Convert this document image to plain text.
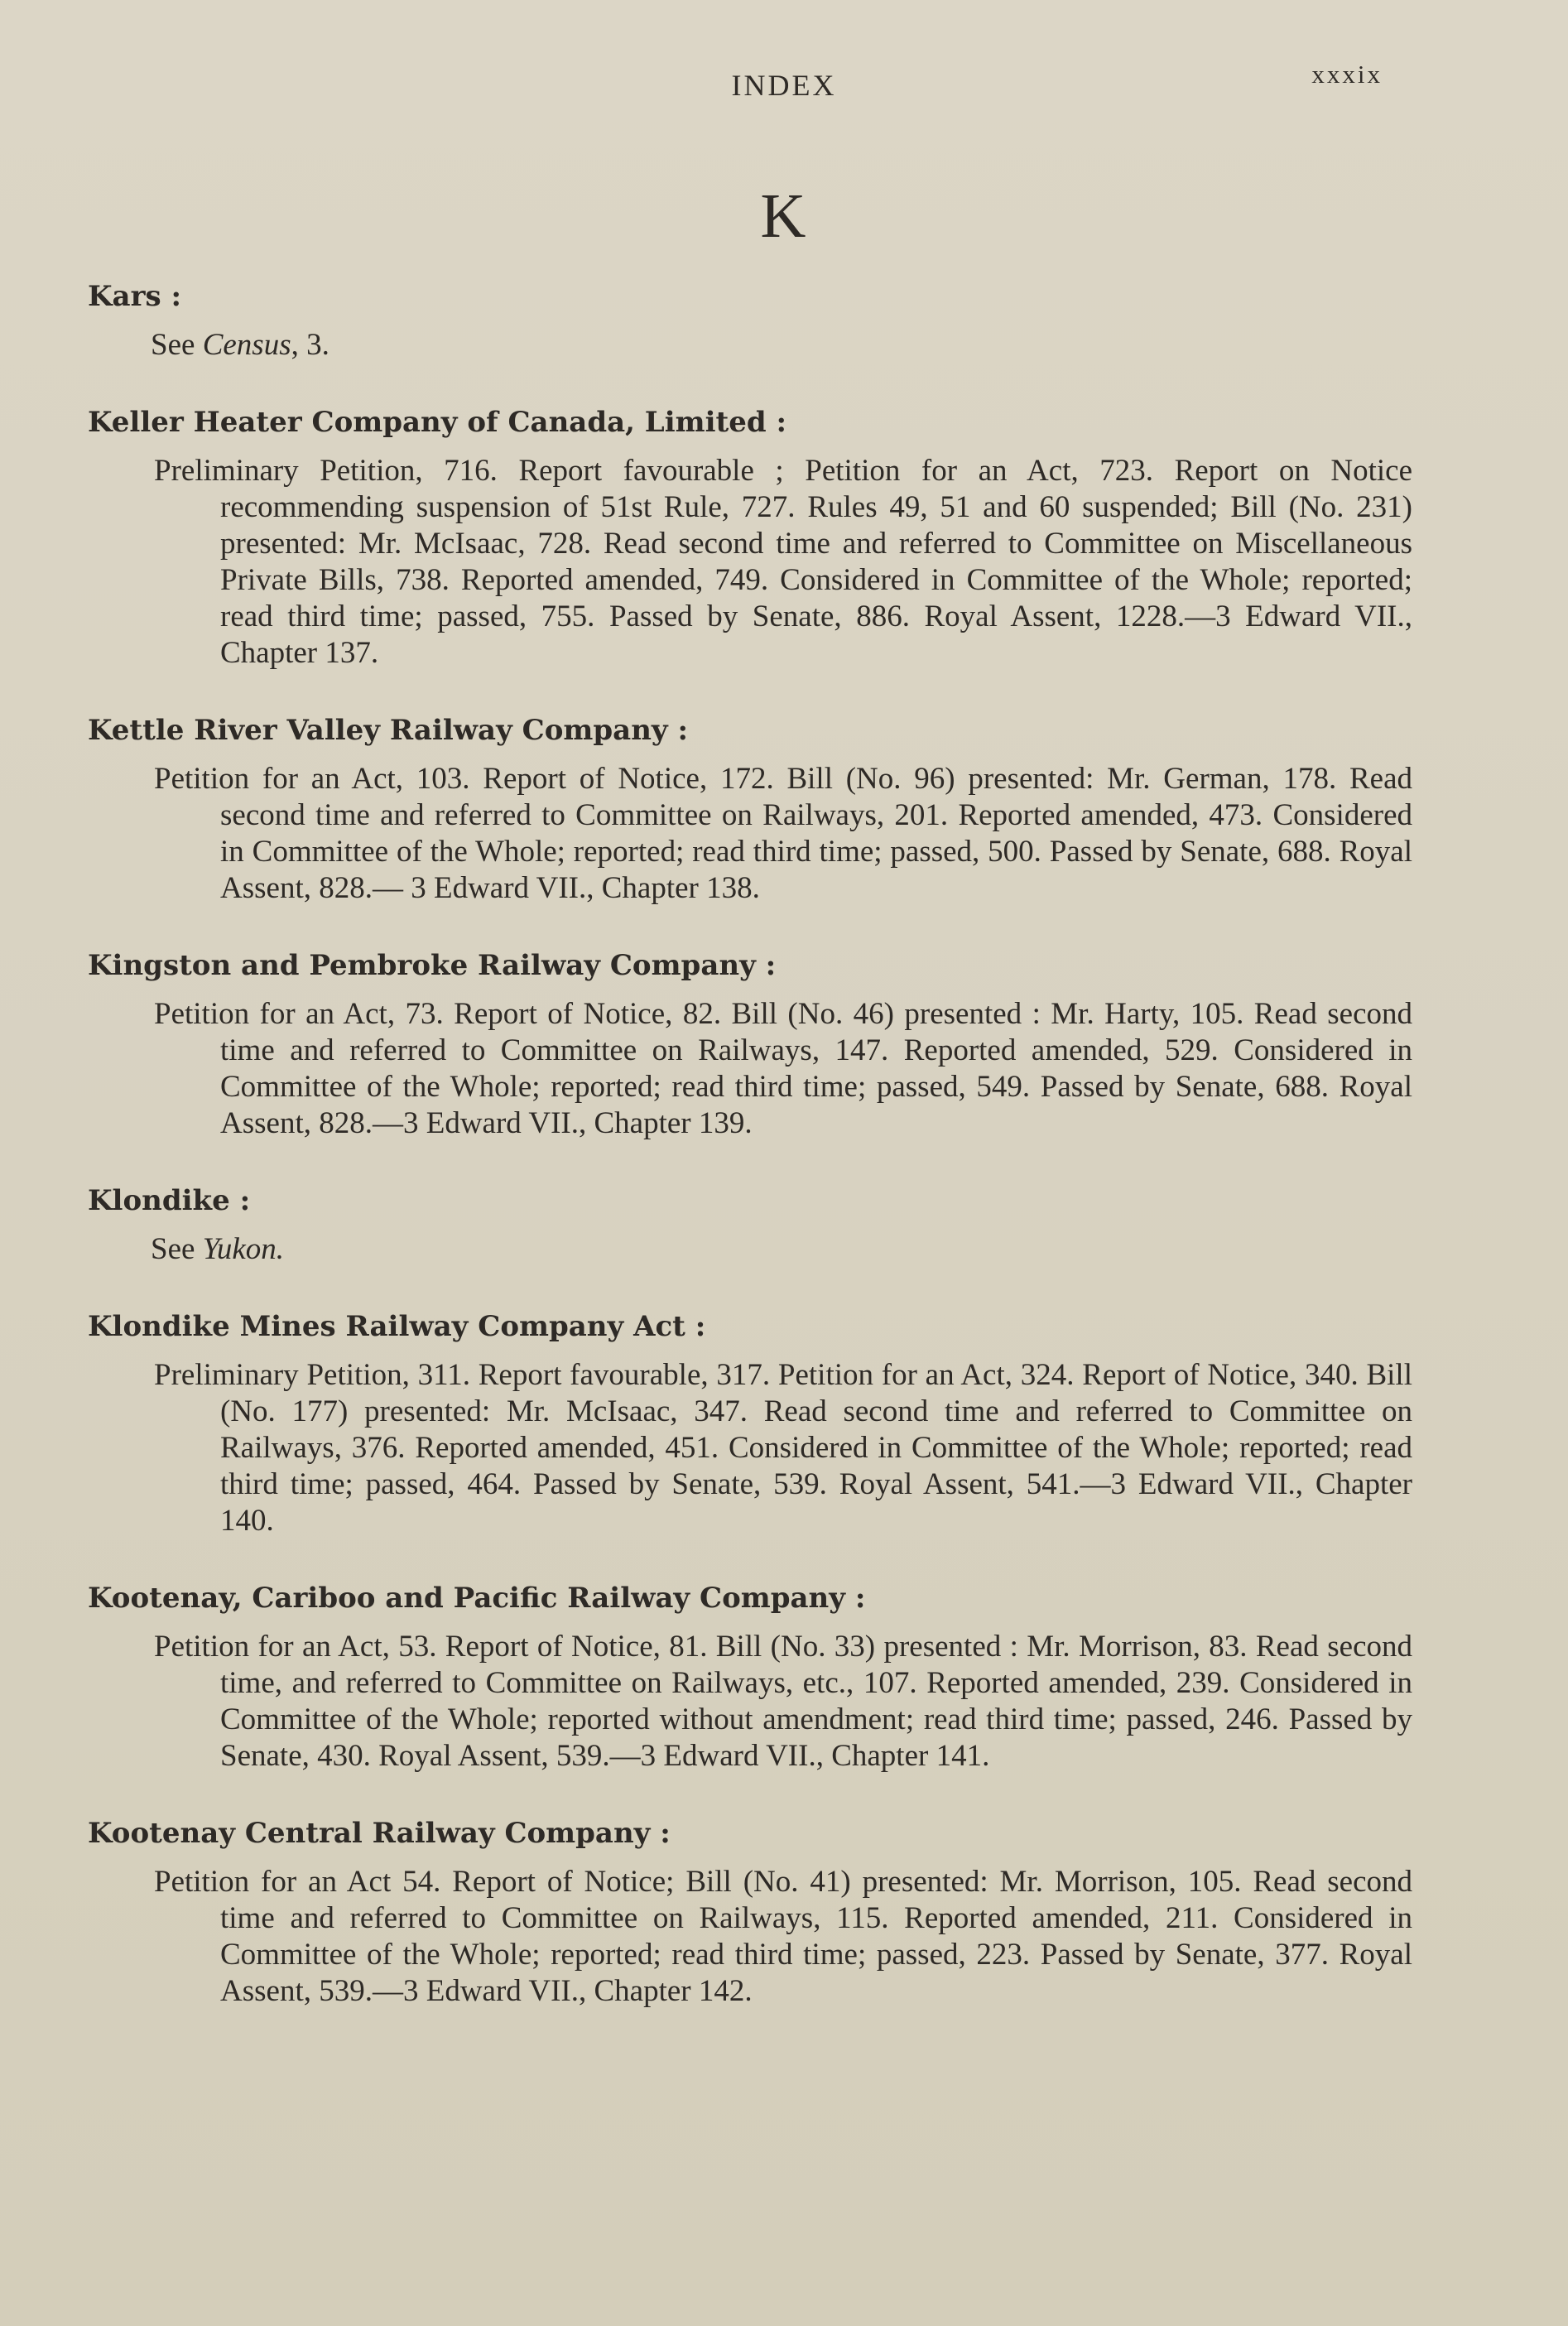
INDEX	xxxix
K
Kars :
See Census, 3.
Keller Heater Company of Canada, Limited :
Preliminary Petition, 716. Report favourable ; Petition for an Act, 723. Report on Notice recommending suspension of 51st Rule, 727. Rules 49, 51 and 60 suspended; Bill (No. 231) presented: Mr. McIsaac, 728. Read second time and referred to Committee on Miscellaneous Private Bills, 738. Reported amended, 749. Considered in Committee of the Whole; reported; read third time; passed, 755. Passed by Senate, 886. Royal Assent, 1228.—3 Edward VII., Chapter 137.
Kettle River Valley Railway Company :
Petition for an Act, 103. Report of Notice, 172. Bill (No. 96) presented: Mr. German, 178. Read second time and referred to Committee on Railways, 201. Reported amended, 473. Considered in Committee of the Whole; reported; read third time; passed, 500. Passed by Senate, 688. Royal Assent, 828.— 3 Edward VII., Chapter 138.
Kingston and Pembroke Railway Company :
Petition for an Act, 73. Report of Notice, 82. Bill (No. 46) presented : Mr. Harty, 105. Read second time and referred to Committee on Railways, 147. Reported amended, 529. Considered in Committee of the Whole; reported; read third time; passed, 549. Passed by Senate, 688. Royal Assent, 828.—3 Edward VII., Chapter 139.
Klondike :
See Yukon.
Klondike Mines Railway Company Act :
Preliminary Petition, 311. Report favourable, 317. Petition for an Act, 324. Report of Notice, 340. Bill (No. 177) presented: Mr. McIsaac, 347. Read second time and referred to Committee on Railways, 376. Reported amended, 451. Considered in Committee of the Whole; reported; read third time; passed, 464. Passed by Senate, 539. Royal Assent, 541.—3 Edward VII., Chapter 140.
Kootenay, Cariboo and Pacific Railway Company :
Petition for an Act, 53. Report of Notice, 81. Bill (No. 33) presented : Mr. Morrison, 83. Read second time, and referred to Committee on Railways, etc., 107. Reported amended, 239. Considered in Committee of the Whole; reported without amendment; read third time; passed, 246. Passed by Senate, 430. Royal Assent, 539.—3 Edward VII., Chapter 141.
Kootenay Central Railway Company :
Petition for an Act 54. Report of Notice; Bill (No. 41) presented: Mr. Morrison, 105. Read second time and referred to Committee on Railways, 115. Reported amended, 211. Considered in Committee of the Whole; reported; read third time; passed, 223. Passed by Senate, 377. Royal Assent, 539.—3 Edward VII., Chapter 142.
